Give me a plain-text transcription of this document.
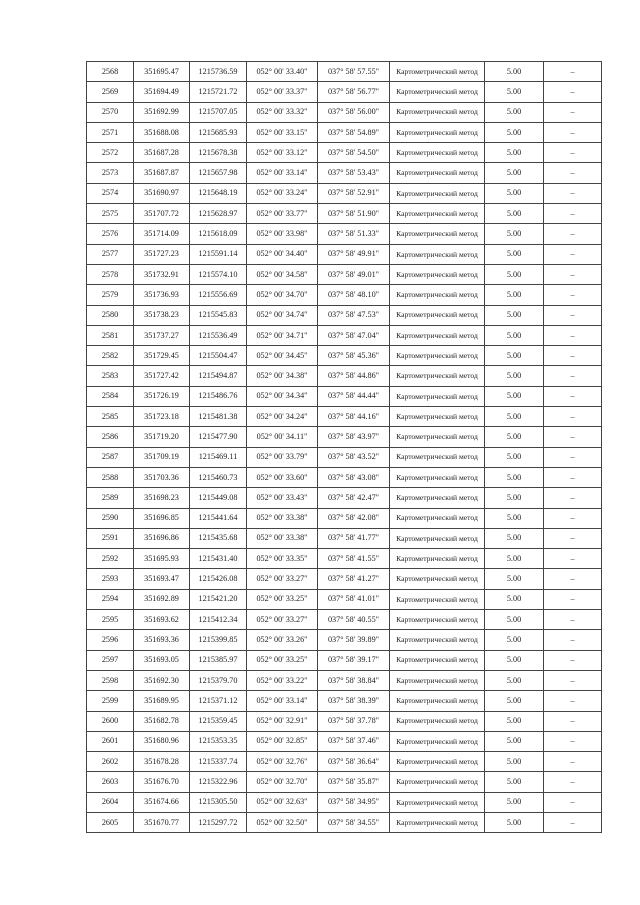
2568	351695.47	1215736.59	052° 00' 33.40"	037° 58' 57.55"	Картометрический метод	5.00	–
2569	351694.49	1215721.72	052° 00' 33.37"	037° 58' 56.77"	Картометрический метод	5.00	–
2570	351692.99	1215707.05	052° 00' 33.32"	037° 58' 56.00"	Картометрический метод	5.00	–
2571	351688.08	1215685.93	052° 00' 33.15"	037° 58' 54.89"	Картометрический метод	5.00	–
2572	351687.28	1215678.38	052° 00' 33.12"	037° 58' 54.50"	Картометрический метод	5.00	–
2573	351687.87	1215657.98	052° 00' 33.14"	037° 58' 53.43"	Картометрический метод	5.00	–
2574	351690.97	1215648.19	052° 00' 33.24"	037° 58' 52.91"	Картометрический метод	5.00	–
2575	351707.72	1215628.97	052° 00' 33.77"	037° 58' 51.90"	Картометрический метод	5.00	–
2576	351714.09	1215618.09	052° 00' 33.98"	037° 58' 51.33"	Картометрический метод	5.00	–
2577	351727.23	1215591.14	052° 00' 34.40"	037° 58' 49.91"	Картометрический метод	5.00	–
2578	351732.91	1215574.10	052° 00' 34.58"	037° 58' 49.01"	Картометрический метод	5.00	–
2579	351736.93	1215556.69	052° 00' 34.70"	037° 58' 48.10"	Картометрический метод	5.00	–
2580	351738.23	1215545.83	052° 00' 34.74"	037° 58' 47.53"	Картометрический метод	5.00	–
2581	351737.27	1215536.49	052° 00' 34.71"	037° 58' 47.04"	Картометрический метод	5.00	–
2582	351729.45	1215504.47	052° 00' 34.45"	037° 58' 45.36"	Картометрический метод	5.00	–
2583	351727.42	1215494.87	052° 00' 34.38"	037° 58' 44.86"	Картометрический метод	5.00	–
2584	351726.19	1215486.76	052° 00' 34.34"	037° 58' 44.44"	Картометрический метод	5.00	–
2585	351723.18	1215481.38	052° 00' 34.24"	037° 58' 44.16"	Картометрический метод	5.00	–
2586	351719.20	1215477.90	052° 00' 34.11"	037° 58' 43.97"	Картометрический метод	5.00	–
2587	351709.19	1215469.11	052° 00' 33.79"	037° 58' 43.52"	Картометрический метод	5.00	–
2588	351703.36	1215460.73	052° 00' 33.60"	037° 58' 43.08"	Картометрический метод	5.00	–
2589	351698.23	1215449.08	052° 00' 33.43"	037° 58' 42.47"	Картометрический метод	5.00	–
2590	351696.85	1215441.64	052° 00' 33.38"	037° 58' 42.08"	Картометрический метод	5.00	–
2591	351696.86	1215435.68	052° 00' 33.38"	037° 58' 41.77"	Картометрический метод	5.00	–
2592	351695.93	1215431.40	052° 00' 33.35"	037° 58' 41.55"	Картометрический метод	5.00	–
2593	351693.47	1215426.08	052° 00' 33.27"	037° 58' 41.27"	Картометрический метод	5.00	–
2594	351692.89	1215421.20	052° 00' 33.25"	037° 58' 41.01"	Картометрический метод	5.00	–
2595	351693.62	1215412.34	052° 00' 33.27"	037° 58' 40.55"	Картометрический метод	5.00	–
2596	351693.36	1215399.85	052° 00' 33.26"	037° 58' 39.89"	Картометрический метод	5.00	–
2597	351693.05	1215385.97	052° 00' 33.25"	037° 58' 39.17"	Картометрический метод	5.00	–
2598	351692.30	1215379.70	052° 00' 33.22"	037° 58' 38.84"	Картометрический метод	5.00	–
2599	351689.95	1215371.12	052° 00' 33.14"	037° 58' 38.39"	Картометрический метод	5.00	–
2600	351682.78	1215359.45	052° 00' 32.91"	037° 58' 37.78"	Картометрический метод	5.00	–
2601	351680.96	1215353.35	052° 00' 32.85"	037° 58' 37.46"	Картометрический метод	5.00	–
2602	351678.28	1215337.74	052° 00' 32.76"	037° 58' 36.64"	Картометрический метод	5.00	–
2603	351676.70	1215322.96	052° 00' 32.70"	037° 58' 35.87"	Картометрический метод	5.00	–
2604	351674.66	1215305.50	052° 00' 32.63"	037° 58' 34.95"	Картометрический метод	5.00	–
2605	351670.77	1215297.72	052° 00' 32.50"	037° 58' 34.55"	Картометрический метод	5.00	–
